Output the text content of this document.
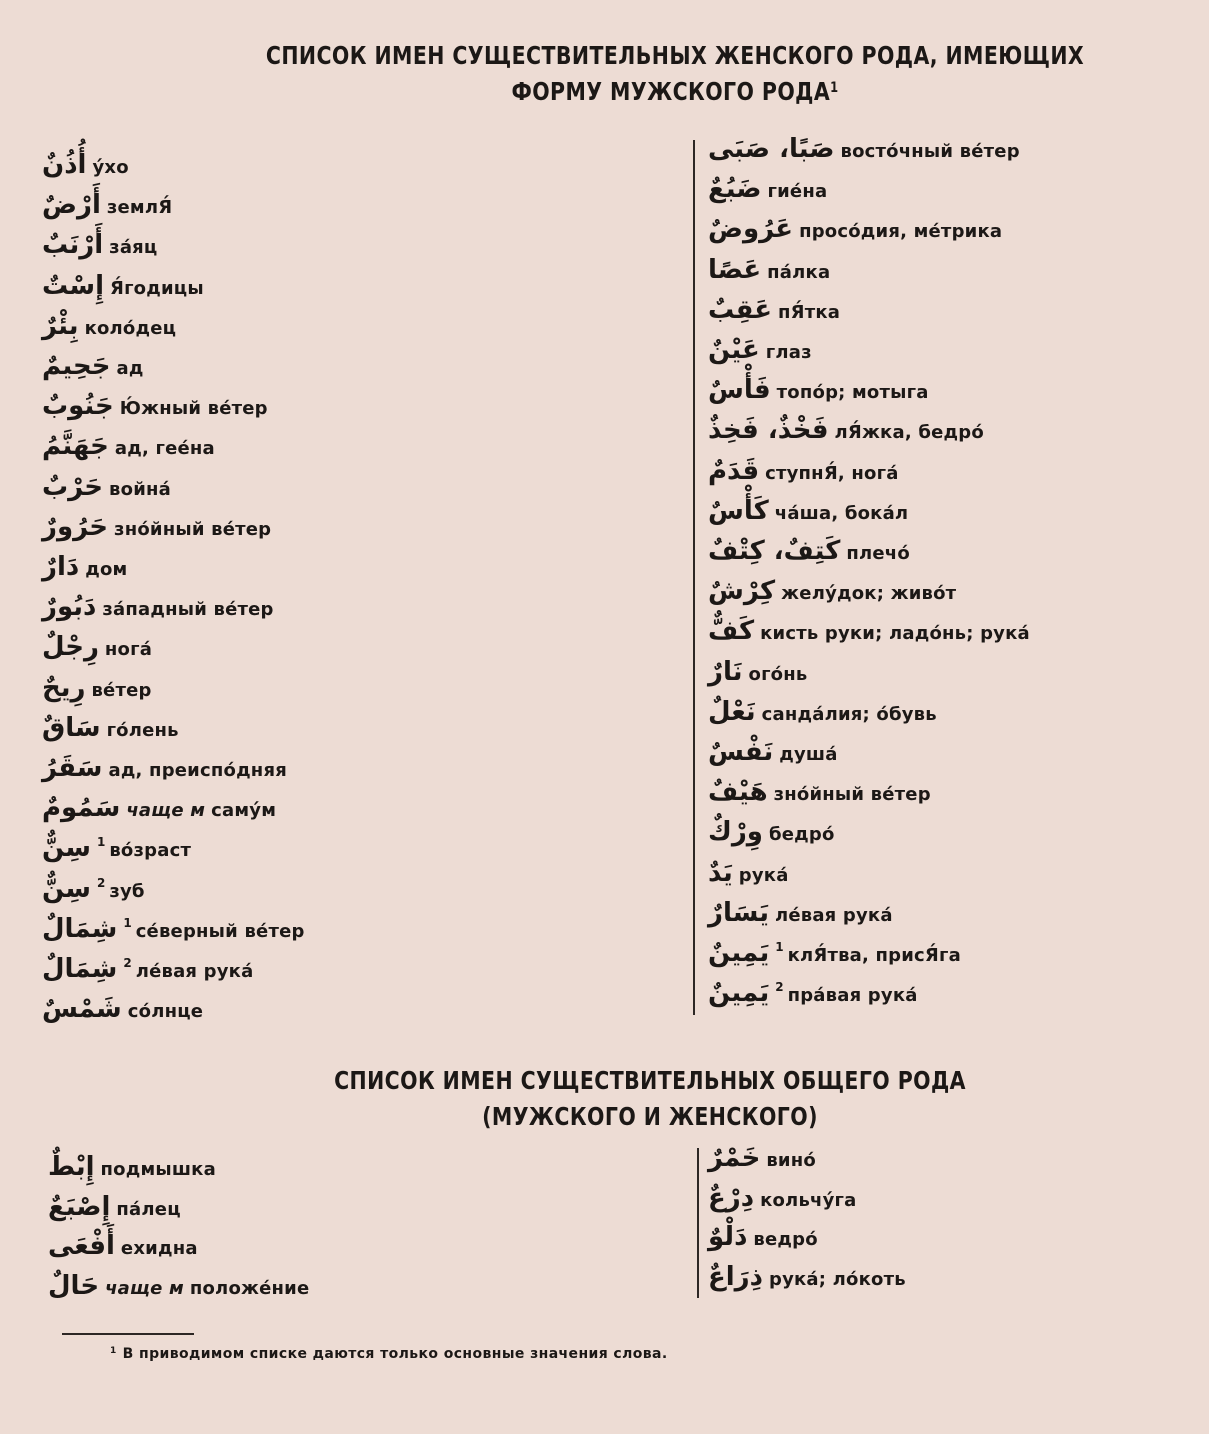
СПИСОК ИМЕН СУЩЕСТВИТЕЛЬНЫХ ЖЕНСКОГО РОДА, ИМЕЮЩИХ
ФОРМУ МУЖСКОГО РОДА$^1$
أُذُنٌ ýхо
أَرْضٌ землЯ́
أَرْنَبٌ зáяц
إِسْتٌ Я́годицы
بِئْرٌ колóдец
جَحِيمٌ ад
جَنُوبٌ Ю́жный вéтер
جَهَنَّمُ ад, геéна
حَرْبٌ войнá
حَرُورٌ знóйный вéтер
دَارٌ дом
دَبُورٌ зáпадный вéтер
رِجْلٌ ногá
رِيحٌ вéтер
سَاقٌ гóлень
سَقَرُ ад, преиспóдняя
سَمُومٌ чаще м самýм
سِنٌّ 1 вóзраст
سِنٌّ 2 зуб
شِمَالٌ 1 сéверный вéтер
شِمَالٌ 2 лéвая рукá
شَمْسٌ сóлнце
صَبًا، صَبَى востóчный вéтер
ضَبُعٌ гиéна
عَرُوضٌ просóдия, мéтрика
عَصًا пáлка
عَقِبٌ пЯ́тка
عَيْنٌ глаз
فَأْسٌ топóр; мотыга
فَخْذٌ، فَخِذٌ лЯ́жка, бедрó
قَدَمٌ ступнЯ́, ногá
كَأْسٌ чáша, бокáл
كَتِفٌ، كِتْفٌ плечó
كِرْشٌ желýдок; живóт
كَفٌّ кисть руки; ладóнь; рукá
نَارٌ огóнь
نَعْلٌ сандáлия; óбувь
نَفْسٌ душá
هَيْفٌ знóйный вéтер
وِرْكٌ бедрó
يَدٌ рукá
يَسَارٌ лéвая рукá
يَمِينٌ 1 клЯ́тва, присЯ́га
يَمِينٌ 2 прáвая рукá
СПИСОК ИМЕН СУЩЕСТВИТЕЛЬНЫХ ОБЩЕГО РОДА
(МУЖСКОГО И ЖЕНСКОГО)
إِبْطٌ подмышка
إِصْبَعٌ пáлец
أَفْعَى ехидна
حَالٌ чаще м положéние
خَمْرٌ винó
دِرْعٌ кольчýга
دَلْوٌ ведрó
ذِرَاعٌ рукá; лóкоть
$^1$ В приводимом списке даются только основные значения слова.
